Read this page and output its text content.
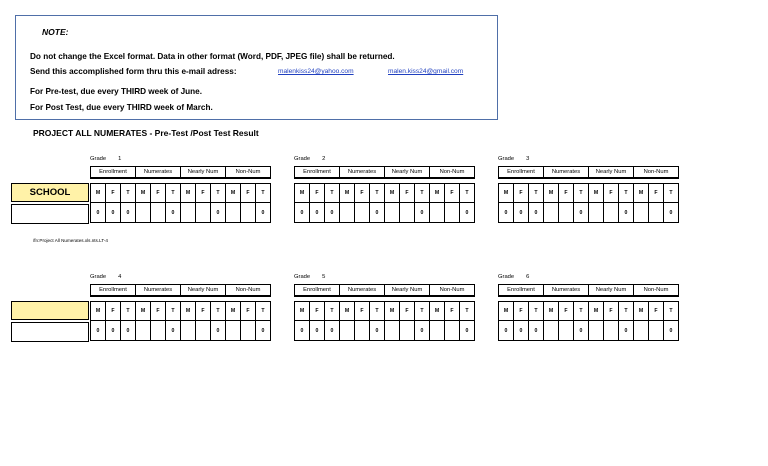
NOTE:
Do not change the Excel format. Data in other format (Word, PDF, JPEG file) shall be returned.
Send this accomplished form thru this e-mail adress:	malenkiss24@yahoo.com	malen.kiss24@gmail.com
For Pre-test, due every THIRD week of June.
For Post Test, due every THIRD week of March.
PROJECT ALL NUMERATES - Pre-Test /Post Test Result
SCHOOL
/fn:Project All Numerates.xls.nts.LT-4
Grade 1
Enrollment			Numerates			Nearly Num			Non-Num		

M	F	T	M	F	T	M	F	T	M	F	T
0	0	0			0			0			0
Grade 2
Enrollment			Numerates			Nearly Num			Non-Num		

M	F	T	M	F	T	M	F	T	M	F	T
0	0	0			0			0			0
Grade 3
Enrollment			Numerates			Nearly Num			Non-Num		

M	F	T	M	F	T	M	F	T	M	F	T
0	0	0			0			0			0
Grade 4
Enrollment			Numerates			Nearly Num			Non-Num		

M	F	T	M	F	T	M	F	T	M	F	T
0	0	0			0			0			0
Grade 5
Enrollment			Numerates			Nearly Num			Non-Num		

M	F	T	M	F	T	M	F	T	M	F	T
0	0	0			0			0			0
Grade 6
Enrollment			Numerates			Nearly Num			Non-Num		

M	F	T	M	F	T	M	F	T	M	F	T
0	0	0			0			0			0
